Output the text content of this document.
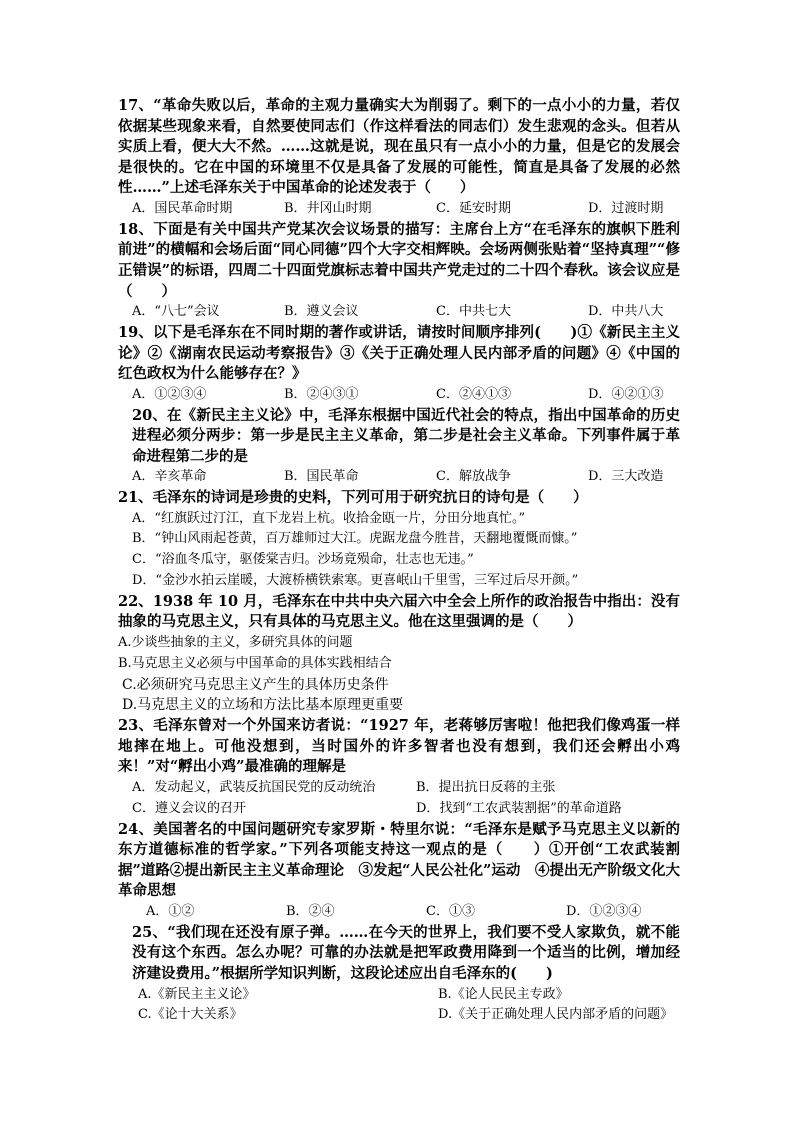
17、“革命失败以后，革命的主观力量确实大为削弱了。剩下的一点小小的力量，若仅依据某些现象来看，自然要使同志们（作这样看法的同志们）发生悲观的念头。但若从实质上看，便大大不然。……这就是说，现在虽只有一点小小的力量，但是它的发展会是很快的。它在中国的环境里不仅是具备了发展的可能性，简直是具备了发展的必然性……”上述毛泽东关于中国革命的论述发表于（　　）

A．国民革命时期	B．井冈山时期	C．延安时期	D．过渡时期

18、下面是有关中国共产党某次会议场景的描写：主席台上方“在毛泽东的旗帜下胜利前进”的横幅和会场后面“同心同德”四个大字交相辉映。会场两侧张贴着“坚持真理”“修正错误”的标语，四周二十四面党旗标志着中国共产党走过的二十四个春秋。该会议应是（　　）

A．“八七”会议	B．遵义会议	C．中共七大	D．中共八大

19、以下是毛泽东在不同时期的著作或讲话，请按时间顺序排列(　　)①《新民主主义论》②《湖南农民运动考察报告》③《关于正确处理人民内部矛盾的问题》④《中国的红色政权为什么能够存在？》

A．①②③④	B．②④③①	C．②④①③	D．④②①③

20、在《新民主主义论》中，毛泽东根据中国近代社会的特点，指出中国革命的历史进程必须分两步：第一步是民主主义革命，第二步是社会主义革命。下列事件属于革命进程第二步的是

A．辛亥革命	B．国民革命	C．解放战争	D．三大改造

21、毛泽东的诗词是珍贵的史料，下列可用于研究抗日的诗句是（　　）

A．“红旗跃过汀江，直下龙岩上杭。收拾金瓯一片，分田分地真忙。”

B．“钟山风雨起苍黄，百万雄师过大江。虎踞龙盘今胜昔，天翻地覆慨而慷。”

C．“浴血冬瓜守，驱倭棠吉归。沙场竟殒命，壮志也无违。”

D．“金沙水拍云崖暖，大渡桥横铁索寒。更喜岷山千里雪，三军过后尽开颜。”

22、1938 年 10 月，毛泽东在中共中央六届六中全会上所作的政治报告中指出：没有抽象的马克思主义，只有具体的马克思主义。他在这里强调的是（　　）

A.少谈些抽象的主义，多研究具体的问题

B.马克思主义必须与中国革命的具体实践相结合

C.必须研究马克思主义产生的具体历史条件

D.马克思主义的立场和方法比基本原理更重要

23、毛泽东曾对一个外国来访者说：“1927 年，老蒋够厉害啦！他把我们像鸡蛋一样地摔在地上。可他没想到，当时国外的许多智者也没有想到，我们还会孵出小鸡来！”对“孵出小鸡”最准确的理解是

A．发动起义，武装反抗国民党的反动统治	B．提出抗日反蒋的主张
C．遵义会议的召开	D．找到“工农武装割据”的革命道路

24、美国著名的中国问题研究专家罗斯・特里尔说：“毛泽东是赋予马克思主义以新的东方道德标准的哲学家。”下列各项能支持这一观点的是（　　）①开创“工农武装割据”道路②提出新民主主义革命理论　③发起“人民公社化”运动　④提出无产阶级文化大革命思想

A．①②	B．②④	C．①③	D．①②③④

25、“我们现在还没有原子弹。……在今天的世界上，我们要不受人家欺负，就不能没有这个东西。怎么办呢？可靠的办法就是把军政费用降到一个适当的比例，增加经济建设费用。”根据所学知识判断，这段论述应出自毛泽东的(　　)

A.《新民主主义论》	B.《论人民民主专政》
C.《论十大关系》	D.《关于正确处理人民内部矛盾的问题》
